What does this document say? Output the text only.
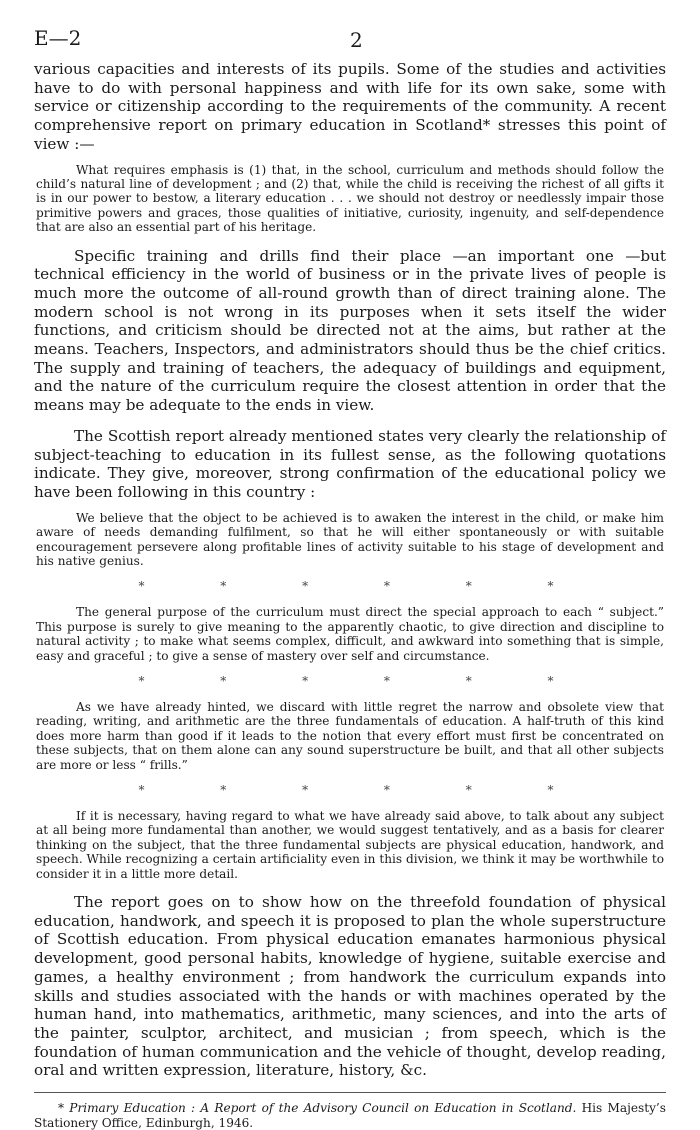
E—2	2

various capacities and interests of its pupils. Some of the studies and activities have to do with personal happiness and with life for its own sake, some with service or citizenship according to the requirements of the community. A recent comprehensive report on primary education in Scotland* stresses this point of view :—

What requires emphasis is (1) that, in the school, curriculum and methods should follow the child’s natural line of development ; and (2) that, while the child is receiving the richest of all gifts it is in our power to bestow, a literary education . . . we should not destroy or needlessly impair those primitive powers and graces, those qualities of initiative, curiosity, ingenuity, and self-dependence that are also an essential part of his heritage.

Specific training and drills find their place —an important one —but technical efficiency in the world of business or in the private lives of people is much more the outcome of all-round growth than of direct training alone. The modern school is not wrong in its purposes when it sets itself the wider functions, and criticism should be directed not at the aims, but rather at the means. Teachers, Inspectors, and administrators should thus be the chief critics. The supply and training of teachers, the adequacy of buildings and equipment, and the nature of the curriculum require the closest attention in order that the means may be adequate to the ends in view.

The Scottish report already mentioned states very clearly the relationship of subject-teaching to education in its fullest sense, as the following quotations indicate. They give, moreover, strong confirmation of the educational policy we have been following in this country :

We believe that the object to be achieved is to awaken the interest in the child, or make him aware of needs demanding fulfilment, so that he will either spontaneously or with suitable encouragement persevere along profitable lines of activity suitable to his stage of development and his native genius.

* * * * * *

The general purpose of the curriculum must direct the special approach to each “ subject.” This purpose is surely to give meaning to the apparently chaotic, to give direction and discipline to natural activity ; to make what seems complex, difficult, and awkward into something that is simple, easy and graceful ; to give a sense of mastery over self and circumstance.

* * * * * *

As we have already hinted, we discard with little regret the narrow and obsolete view that reading, writing, and arithmetic are the three fundamentals of education. A half-truth of this kind does more harm than good if it leads to the notion that every effort must first be concentrated on these subjects, that on them alone can any sound superstructure be built, and that all other subjects are more or less “ frills.”

* * * * * *

If it is necessary, having regard to what we have already said above, to talk about any subject at all being more fundamental than another, we would suggest tentatively, and as a basis for clearer thinking on the subject, that the three fundamental subjects are physical education, handwork, and speech. While recognizing a certain artificiality even in this division, we think it may be worthwhile to consider it in a little more detail.

The report goes on to show how on the threefold foundation of physical education, handwork, and speech it is proposed to plan the whole superstructure of Scottish education. From physical education emanates harmonious physical development, good personal habits, knowledge of hygiene, suitable exercise and games, a healthy environment ; from handwork the curriculum expands into skills and studies associated with the hands or with machines operated by the human hand, into mathematics, arithmetic, many sciences, and into the arts of the painter, sculptor, architect, and musician ; from speech, which is the foundation of human communication and the vehicle of thought, develop reading, oral and written expression, literature, history, &c.

* Primary Education : A Report of the Advisory Council on Education in Scotland. His Majesty’s Stationery Office, Edinburgh, 1946.
